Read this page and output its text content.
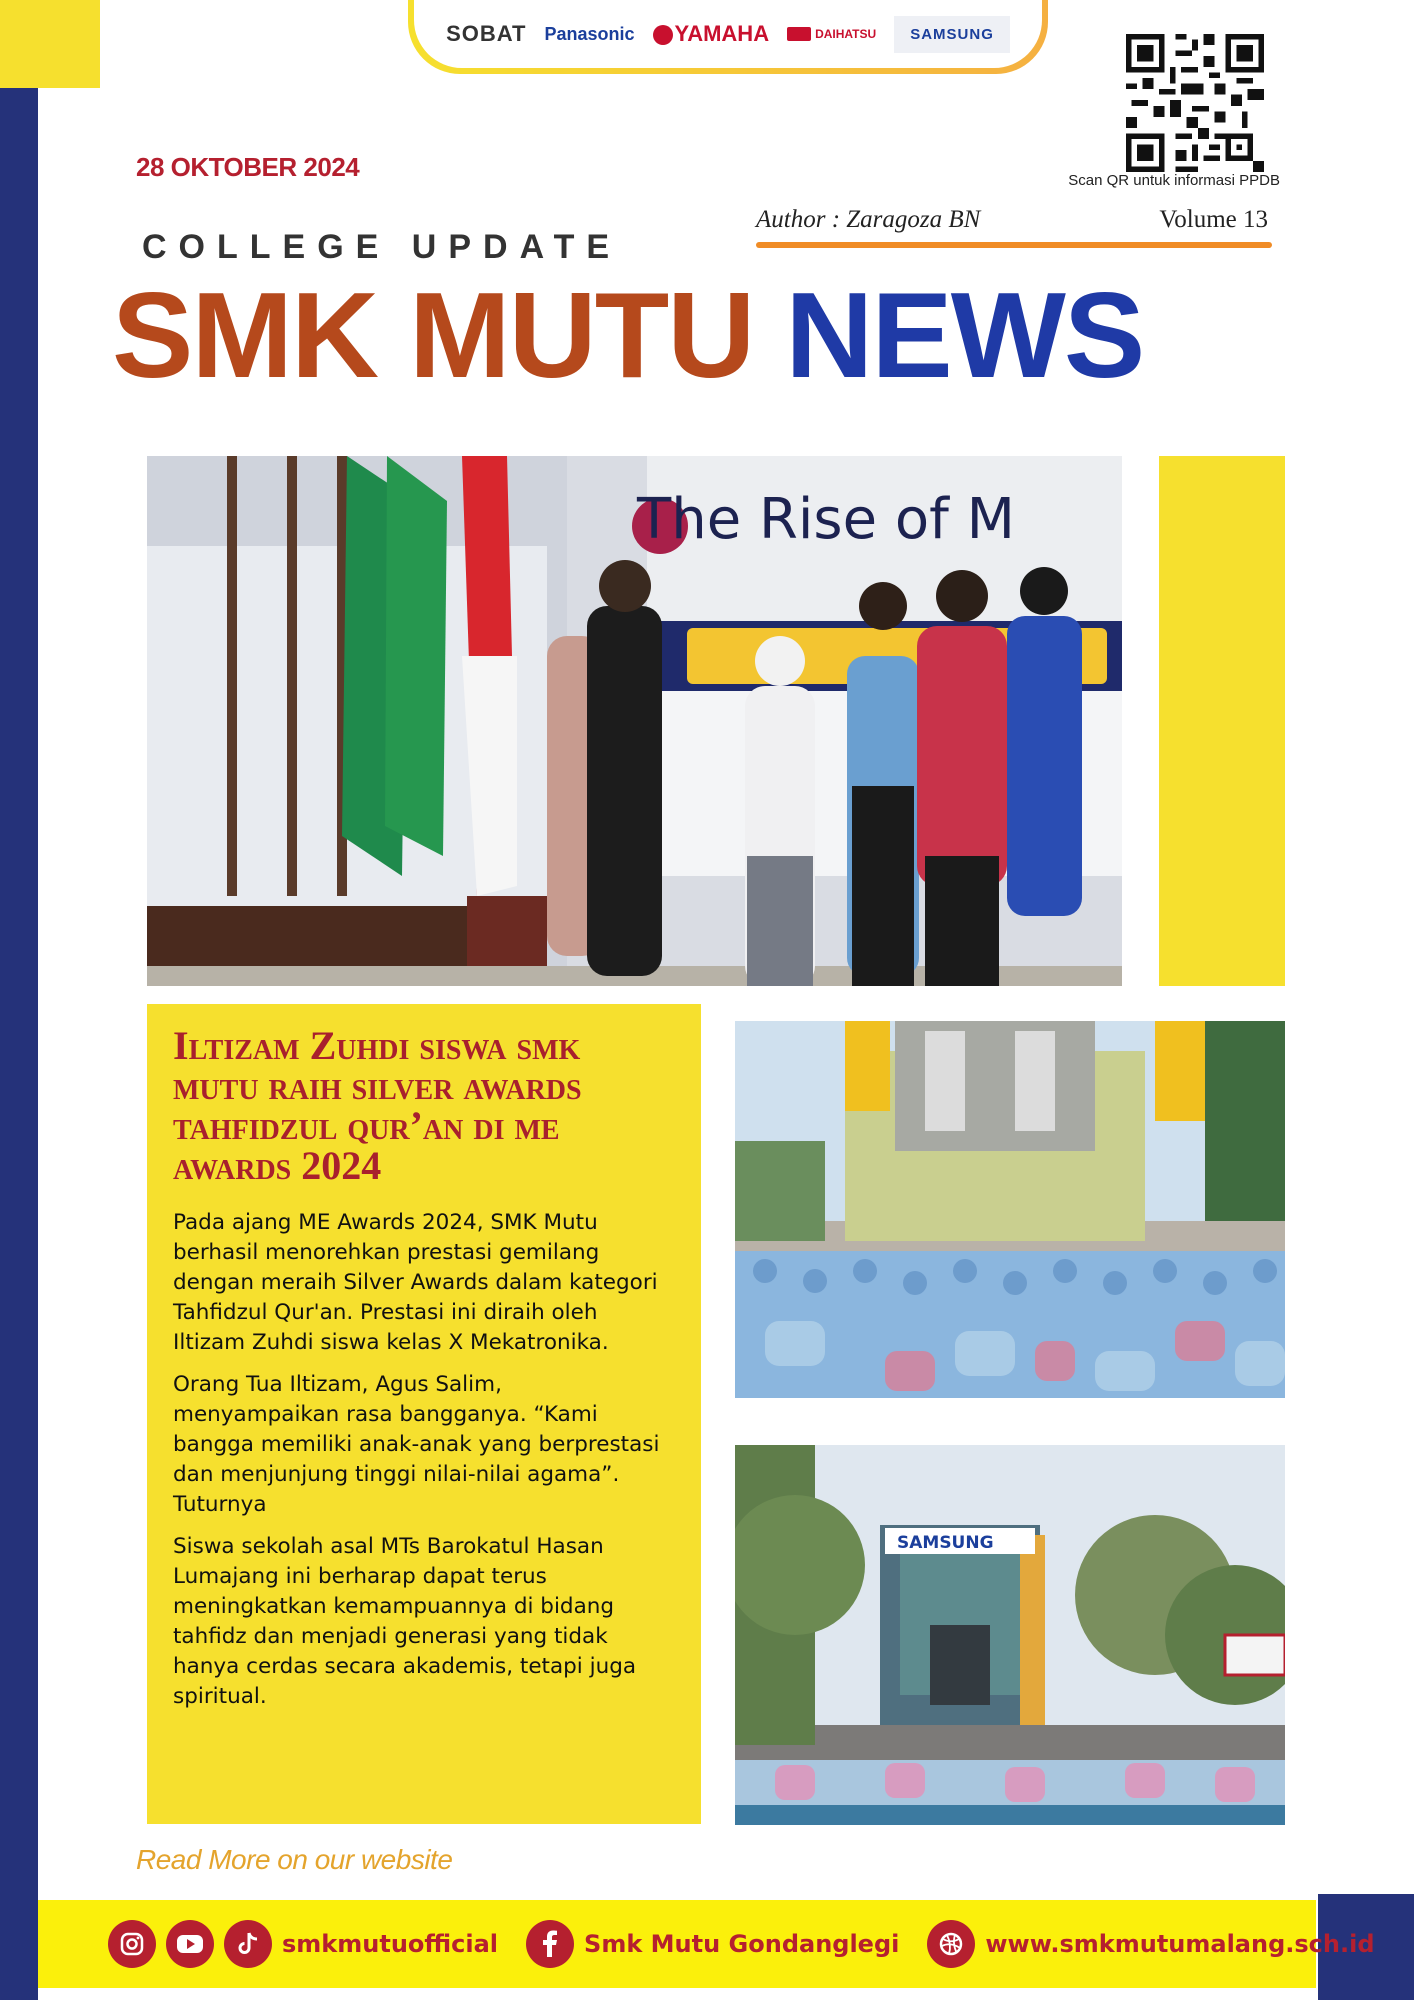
SOBAT Panasonic	YAMAHA	DAIHATSU	SAMSUNG
Scan QR untuk informasi PPDB
28 OKTOBER 2024
COLLEGE UPDATE
Author : Zaragoza BN	Volume 13
SMK MUTU NEWS
The Rise of M
Iltizam Zuhdi siswa smk mutu raih silver awards tahfidzul qur’an di me awards 2024

Pada ajang ME Awards 2024, SMK Mutu berhasil menorehkan prestasi gemilang dengan meraih Silver Awards dalam kategori Tahfidzul Qur'an. Prestasi ini diraih oleh Iltizam Zuhdi siswa kelas X Mekatronika.

Orang Tua Iltizam, Agus Salim, menyampaikan rasa bangganya. “Kami bangga memiliki anak-anak yang berprestasi dan menjunjung tinggi nilai-nilai agama”. Tuturnya

Siswa sekolah asal MTs Barokatul Hasan Lumajang ini berharap dapat terus meningkatkan kemampuannya di bidang tahfidz dan menjadi generasi yang tidak hanya cerdas secara akademis, tetapi juga spiritual.

SAMSUNG
Read More on our website
smkmutuofficial	Smk Mutu Gondanglegi	www.smkmutumalang.sch.id
